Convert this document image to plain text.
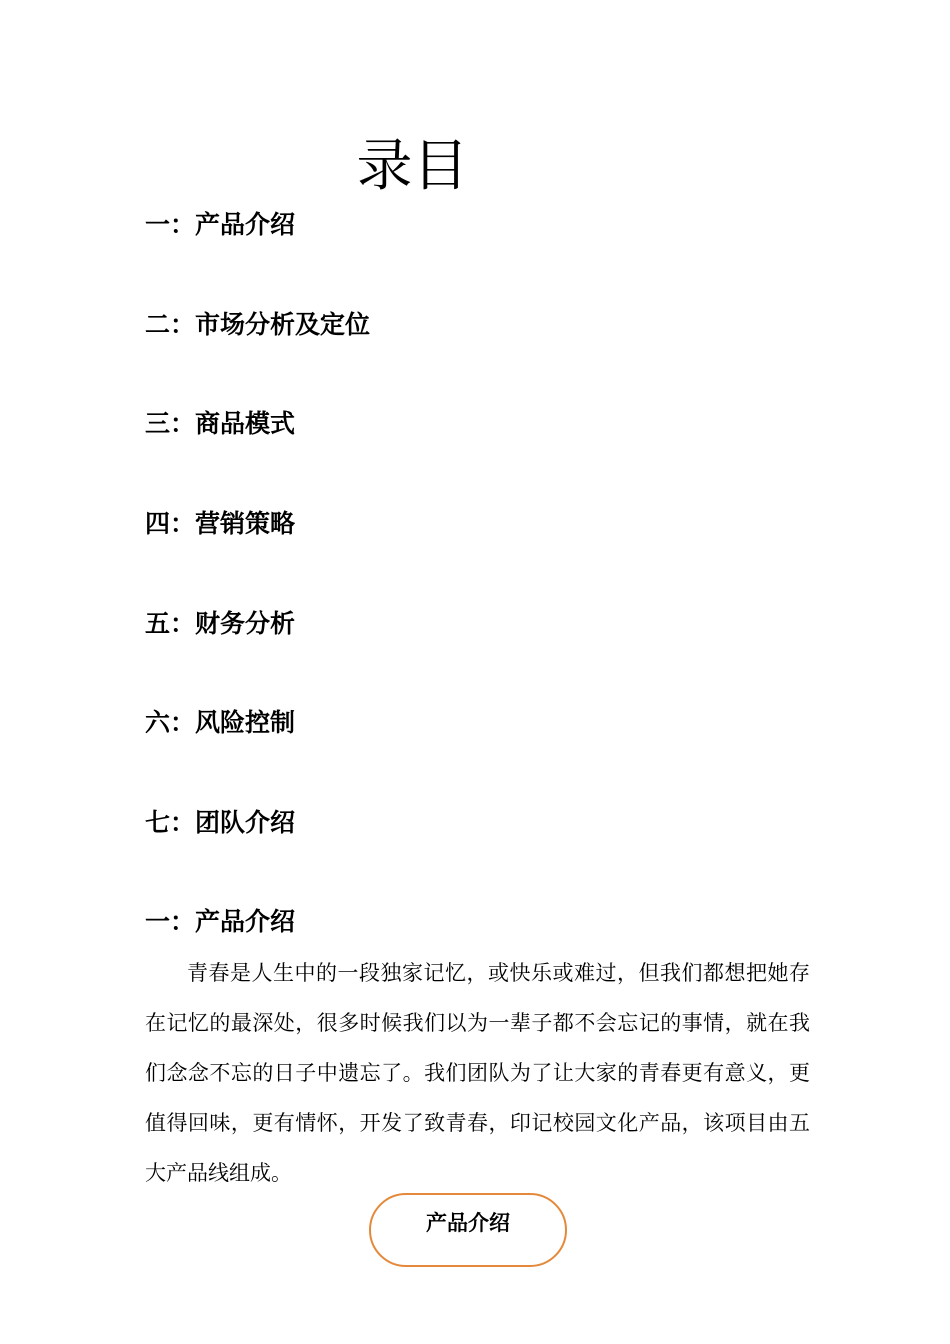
录目
一：产品介绍
二：市场分析及定位
三：商品模式
四：营销策略
五：财务分析
六：风险控制
七：团队介绍
一：产品介绍

青春是人生中的一段独家记忆，或快乐或难过，但我们都想把她存在记忆的最深处，很多时候我们以为一辈子都不会忘记的事情，就在我们念念不忘的日子中遗忘了。我们团队为了让大家的青春更有意义，更值得回味，更有情怀，开发了致青春，印记校园文化产品，该项目由五大产品线组成。

产品介绍
